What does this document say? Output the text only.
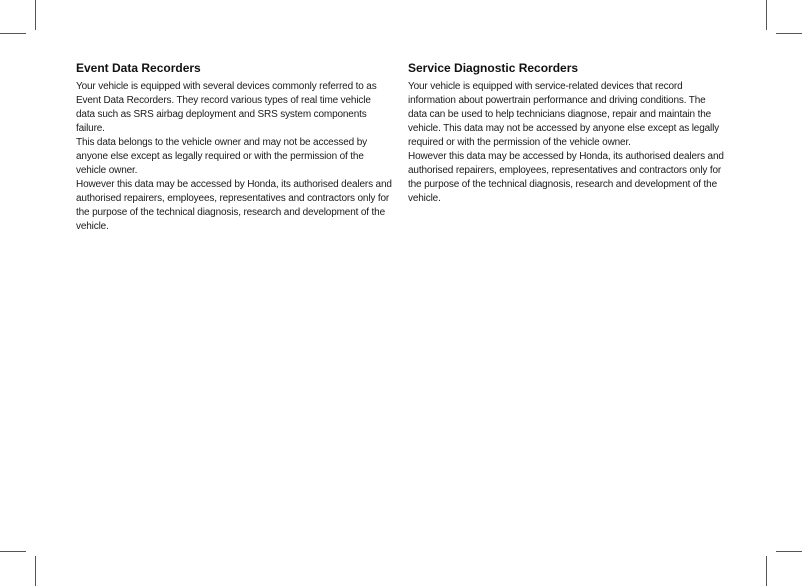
Event Data Recorders

Your vehicle is equipped with several devices commonly referred to as Event Data Recorders. They record various types of real time vehicle data such as SRS airbag deployment and SRS system components failure.

This data belongs to the vehicle owner and may not be accessed by anyone else except as legally required or with the permission of the vehicle owner.

However this data may be accessed by Honda, its authorised dealers and authorised repairers, employees, representatives and contractors only for the purpose of the technical diagnosis, research and development of the vehicle.

Service Diagnostic Recorders

Your vehicle is equipped with service-related devices that record information about powertrain performance and driving conditions. The data can be used to help technicians diagnose, repair and maintain the vehicle. This data may not be accessed by anyone else except as legally required or with the permission of the vehicle owner.

However this data may be accessed by Honda, its authorised dealers and authorised repairers, employees, representatives and contractors only for the purpose of the technical diagnosis, research and development of the vehicle.
